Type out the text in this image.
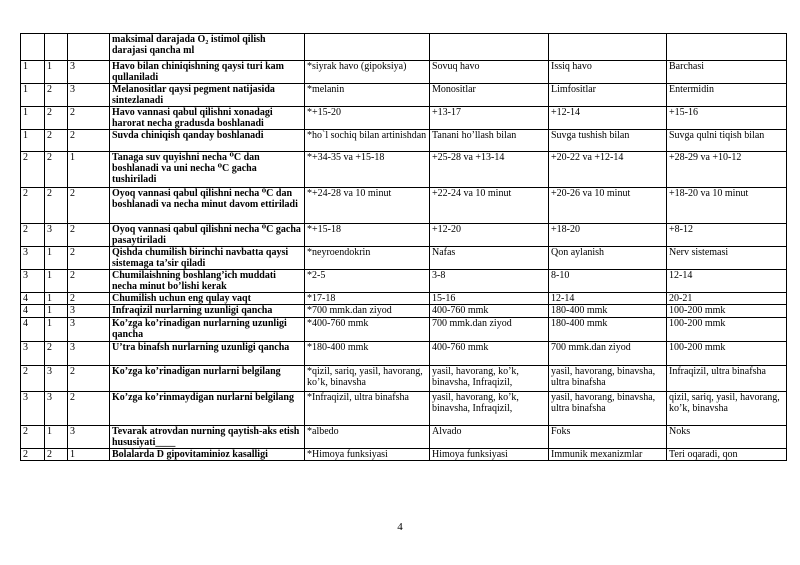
			maksimal darajada O₂ istimol qilish darajasi qancha ml				
1	1	3	Havo bilan chiniqishning qaysi turi kam qullaniladi	*siyrak havo (gipoksiya)	Sovuq havo	Issiq havo	Barchasi
1	2	3	Melanositlar qaysi pegment natijasida sintezlanadi	*melanin	Monositlar	Limfositlar	Entermidin
1	2	2	Havo vannasi qabul qilishni xonadagi harorat necha gradusda boshlanadi	*+15-20	+13-17	+12-14	+15-16
1	2	2	Suvda chiniqish qanday boshlanadi	*ho`l sochiq bilan artinishdan	Tanani ho’llash bilan	Suvga tushish bilan	Suvga qulni tiqish bilan
2	2	1	Tanaga suv quyishni necha ⁰C dan boshlanadi va uni necha ⁰C gacha tushiriladi	*+34-35 va +15-18	+25-28 va +13-14	+20-22 va +12-14	+28-29 va +10-12
2	2	2	Oyoq vannasi qabul qilishni necha ⁰C dan boshlanadi va necha minut davom ettiriladi	*+24-28 va 10 minut	+22-24 va 10 minut	+20-26 va 10 minut	+18-20 va 10 minut
2	3	2	Oyoq vannasi qabul qilishni necha ⁰C gacha pasaytiriladi	*+15-18	+12-20	+18-20	+8-12
3	1	2	Qishda chumilish birinchi navbatta qaysi sistemaga ta’sir qiladi	*neyroendokrin	Nafas	Qon aylanish	Nerv sistemasi
3	1	2	Chumilaishning boshlang’ich muddati necha minut bo’lishi kerak	*2-5	3-8	8-10	12-14
4	1	2	Chumilish uchun eng qulay vaqt	*17-18	15-16	12-14	20-21
4	1	3	Infraqizil nurlarning uzunligi qancha	*700 mmk.dan ziyod	400-760 mmk	180-400 mmk	100-200 mmk
4	1	3	Ko’zga ko’rinadigan nurlarning uzunligi qancha	*400-760 mmk	700 mmk.dan ziyod	180-400 mmk	100-200 mmk
3	2	3	U’tra binafsh nurlarning uzunligi qancha	*180-400 mmk	400-760 mmk	700 mmk.dan ziyod	100-200 mmk
2	3	2	Ko’zga ko’rinadigan nurlarni belgilang	*qizil, sariq, yasil, havorang, ko’k, binavsha	yasil, havorang, ko’k, binavsha, Infraqizil,	yasil, havorang, binavsha, ultra binafsha	Infraqizil, ultra binafsha
3	3	2	Ko’zga ko’rinmaydigan nurlarni belgilang	*Infraqizil, ultra binafsha	yasil, havorang, ko’k, binavsha, Infraqizil,	yasil, havorang, binavsha, ultra binafsha	qizil, sariq, yasil, havorang, ko’k, binavsha
2	1	3	Tevarak atrovdan nurning qaytish-aks etish hususiyati____	*albedo	Alvado	Foks	Noks
2	2	1	Bolalarda D gipovitaminioz kasalligi	*Himoya funksiyasi	Himoya funksiyasi	Immunik mexanizmlar	Teri oqaradi, qon
4
